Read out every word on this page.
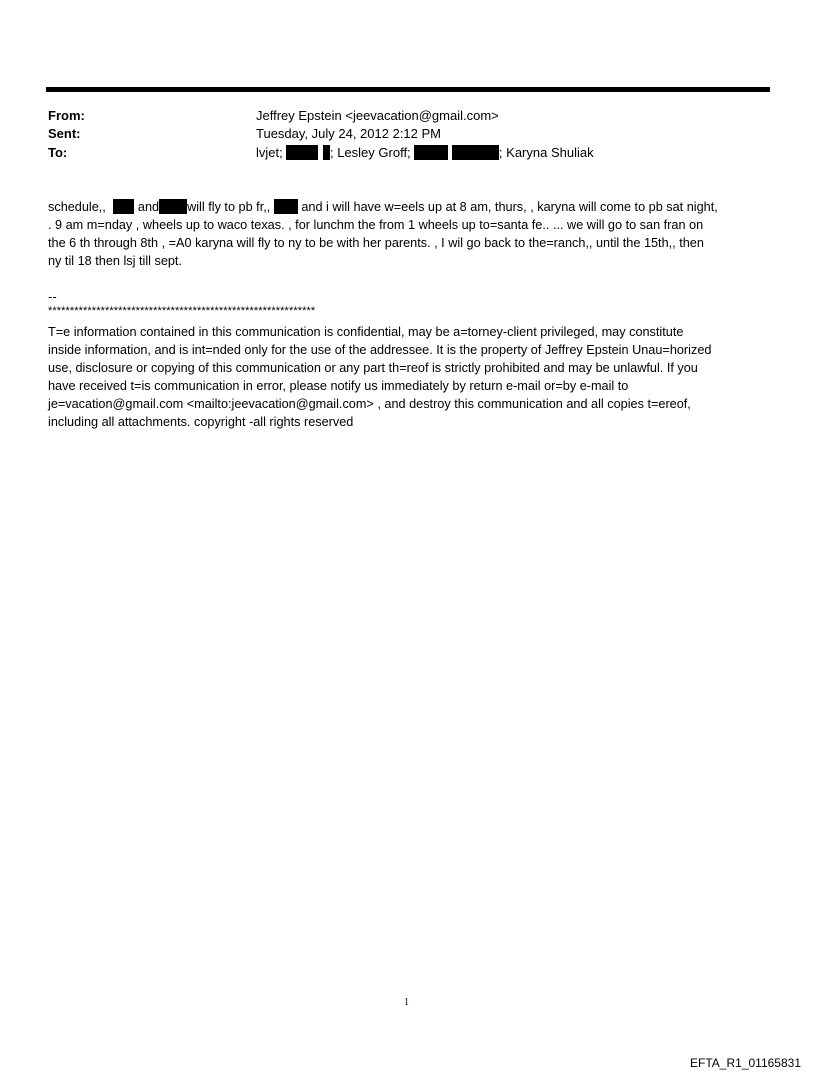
From:	Jeffrey Epstein <jeevacation@gmail.com>
Sent:	Tuesday, July 24, 2012 2:12 PM
To:	lvjet;	; Lesley Groff;	; Karyna Shuliak
schedule,,	and will fly to pb fr,, and i will have w=eels up at 8 am, thurs, , karyna will come to pb sat night,
. 9 am m=nday , wheels up to waco texas. , for lunchm the from 1 wheels up to=santa fe.. ... we will go to san fran on
the 6 th through 8th , =A0 karyna will fly to ny to be with her parents. , I wil go back to the=ranch,, until the 15th,, then
ny til 18 then lsj till sept.
--
*************************************************************
T=e information contained in this communication is confidential, may be a=torney-client privileged, may constitute
inside information, and is int=nded only for the use of the addressee. It is the property of Jeffrey Epstein Unau=horized
use, disclosure or copying of this communication or any part th=reof is strictly prohibited and may be unlawful. If you
have received t=is communication in error, please notify us immediately by return e-mail or=by e-mail to
je=vacation@gmail.com <mailto:jeevacation@gmail.com> , and destroy this communication and all copies t=ereof,
including all attachments. copyright -all rights reserved
1
EFTA_R1_01165831
